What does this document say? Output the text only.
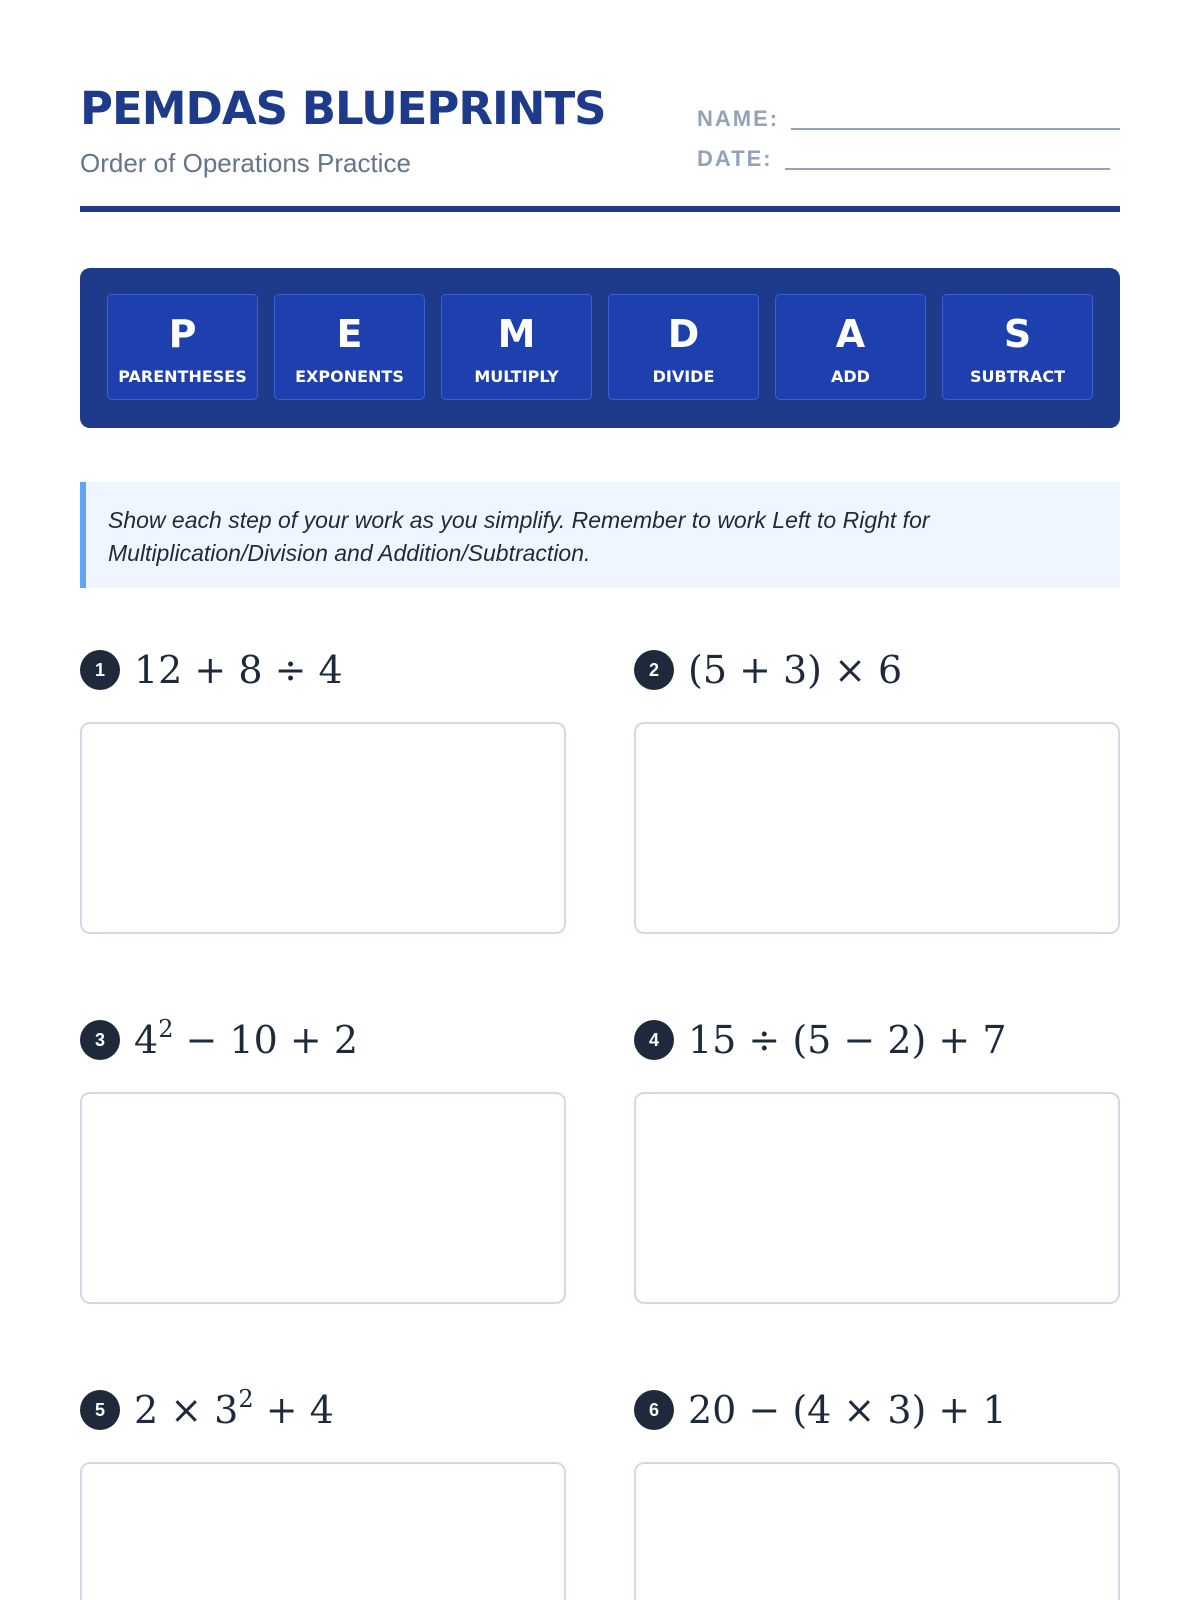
PEMDAS BLUEPRINTS
Order of Operations Practice
NAME:
DATE:
P
PARENTHESES
E
EXPONENTS
M
MULTIPLY
D
DIVIDE
A
ADD
S
SUBTRACT
Show each step of your work as you simplify. Remember to work Left to Right for Multiplication/Division and Addition/Subtraction.
1 12 + 8 ÷ 4	2 (5 + 3) × 6
3 $4^2 - 10 + 2$	4 15 ÷ (5 − 2) + 7
5 $2 \times 3^2 + 4$	6 20 − (4 × 3) + 1
